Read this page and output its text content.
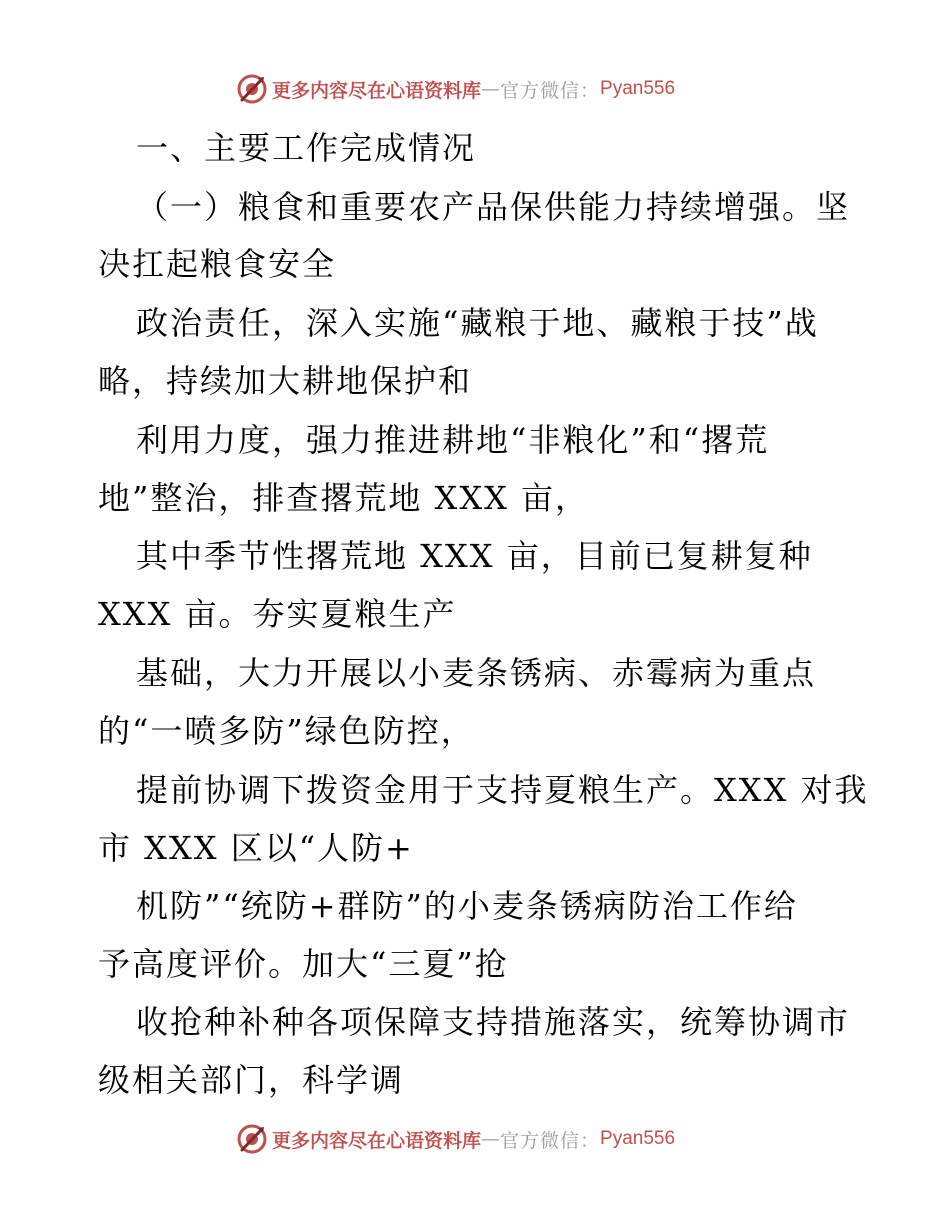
更多内容尽在心语资料库 — 官方微信： Pyan556
一、主要工作完成情况
（一）粮食和重要农产品保供能力持续增强。坚
决扛起粮食安全
政治责任，深入实施“藏粮于地、藏粮于技”战
略，持续加大耕地保护和
利用力度，强力推进耕地“非粮化”和“撂荒
地”整治，排查撂荒地 XXX 亩，
其中季节性撂荒地 XXX 亩，目前已复耕复种
XXX 亩。夯实夏粮生产
基础，大力开展以小麦条锈病、赤霉病为重点
的“一喷多防”绿色防控，
提前协调下拨资金用于支持夏粮生产。XXX 对我
市 XXX 区以“人防+
机防”“统防+群防”的小麦条锈病防治工作给
予高度评价。加大“三夏”抢
收抢种补种各项保障支持措施落实，统筹协调市
级相关部门，科学调
更多内容尽在心语资料库 — 官方微信： Pyan556
